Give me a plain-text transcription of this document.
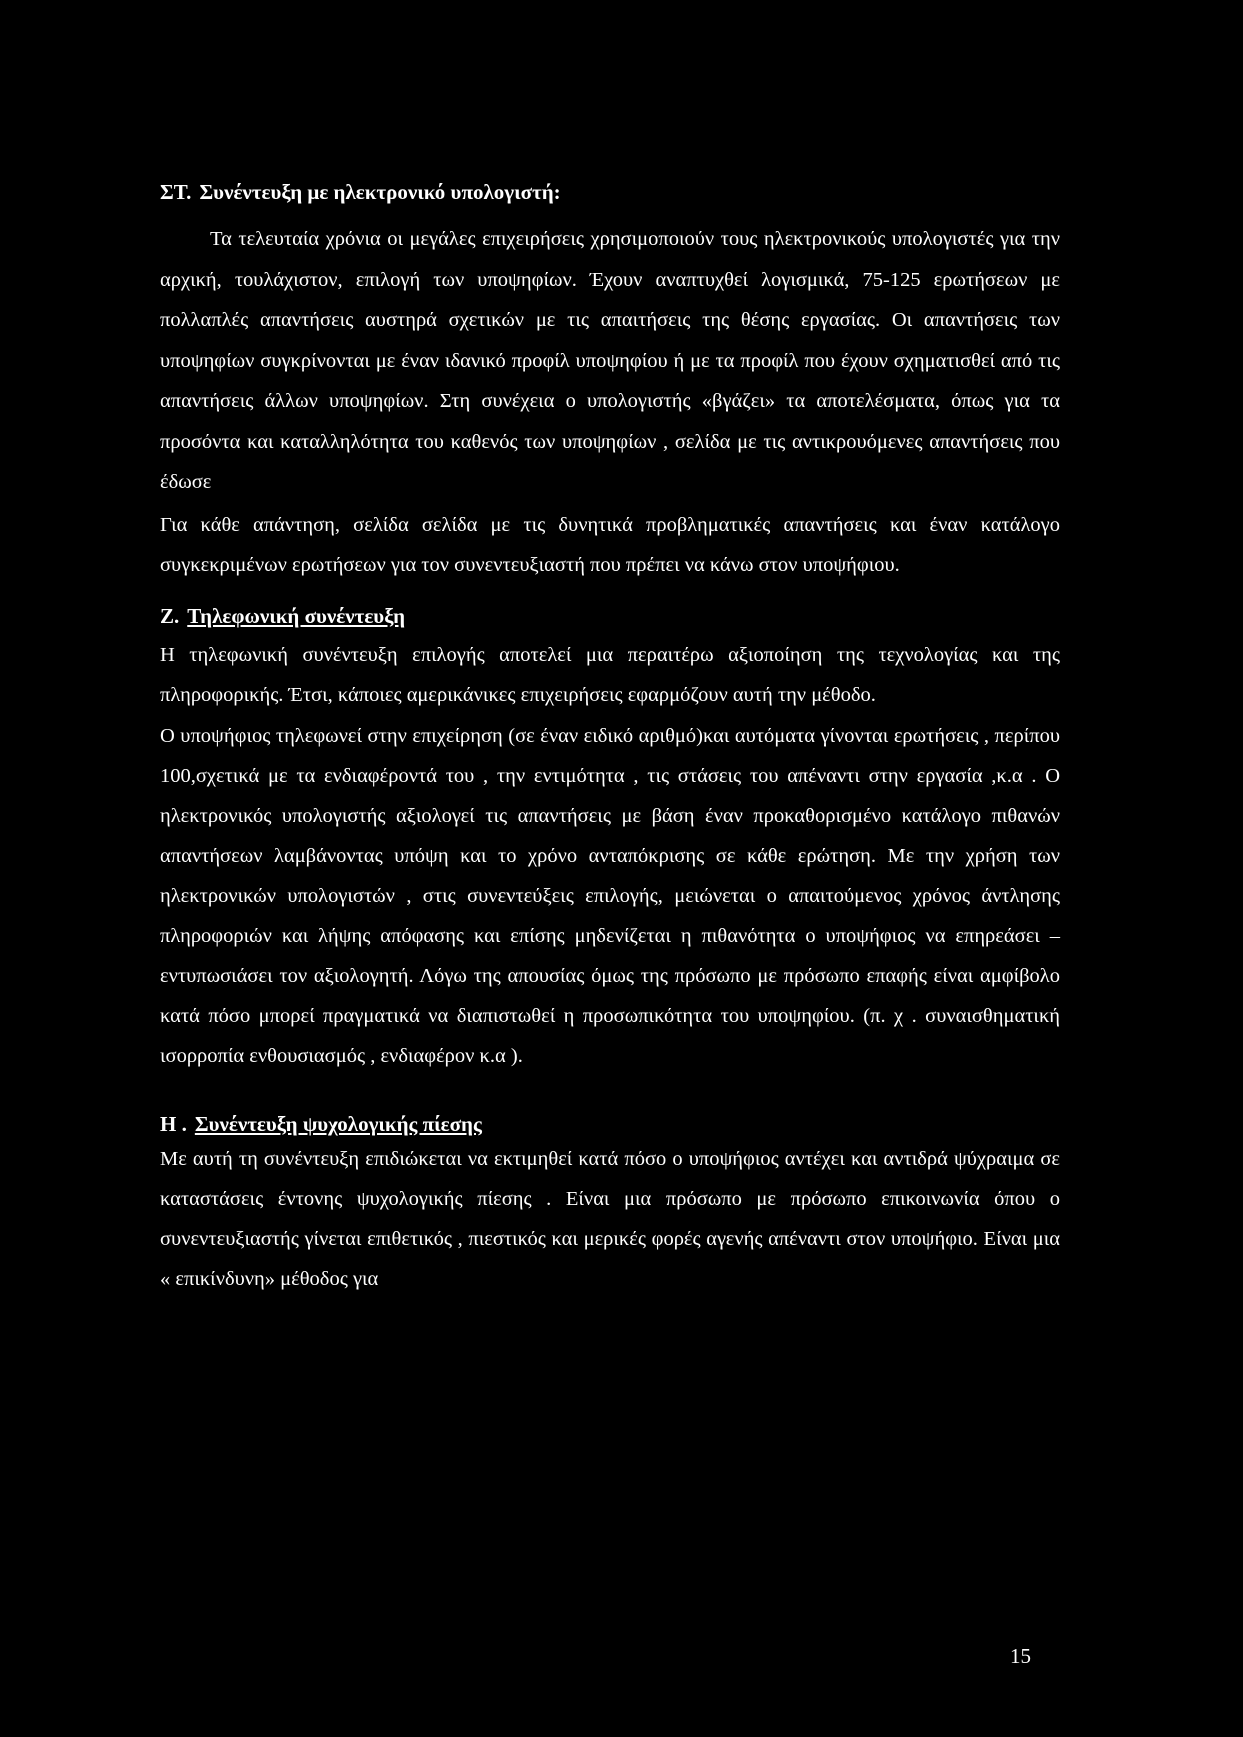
ΣΤ. Συνέντευξη με ηλεκτρονικό υπολογιστή:

Τα τελευταία χρόνια οι μεγάλες επιχειρήσεις χρησιμοποιούν τους ηλεκτρονικούς υπολογιστές για την αρχική, τουλάχιστον, επιλογή των υποψηφίων. Έχουν αναπτυχθεί λογισμικά, 75-125 ερωτήσεων με πολλαπλές απαντήσεις αυστηρά σχετικών με τις απαιτήσεις της θέσης εργασίας. Οι απαντήσεις των υποψηφίων συγκρίνονται με έναν ιδανικό προφίλ υποψηφίου ή με τα προφίλ που έχουν σχηματισθεί από τις απαντήσεις άλλων υποψηφίων. Στη συνέχεια ο υπολογιστής «βγάζει» τα αποτελέσματα, όπως για τα προσόντα και καταλληλότητα του καθενός των υποψηφίων , σελίδα με τις αντικρουόμενες απαντήσεις που έδωσε

Για κάθε απάντηση, σελίδα σελίδα με τις δυνητικά προβληματικές απαντήσεις και έναν κατάλογο συγκεκριμένων ερωτήσεων για τον συνεντευξιαστή που πρέπει να κάνω στον υποψήφιου.

Ζ. Τηλεφωνική συνέντευξη

Η τηλεφωνική συνέντευξη επιλογής αποτελεί μια περαιτέρω αξιοποίηση της τεχνολογίας και της πληροφορικής. Έτσι, κάποιες αμερικάνικες επιχειρήσεις εφαρμόζουν αυτή την μέθοδο.

Ο υποψήφιος τηλεφωνεί στην επιχείρηση (σε έναν ειδικό αριθμό)και αυτόματα γίνονται ερωτήσεις , περίπου 100,σχετικά με τα ενδιαφέροντά του , την εντιμότητα , τις στάσεις του απέναντι στην εργασία ,κ.α . Ο ηλεκτρονικός υπολογιστής αξιολογεί τις απαντήσεις με βάση έναν προκαθορισμένο κατάλογο πιθανών απαντήσεων λαμβάνοντας υπόψη και το χρόνο ανταπόκρισης σε κάθε ερώτηση. Με την χρήση των ηλεκτρονικών υπολογιστών , στις συνεντεύξεις επιλογής, μειώνεται ο απαιτούμενος χρόνος άντλησης πληροφοριών και λήψης απόφασης και επίσης μηδενίζεται η πιθανότητα ο υποψήφιος να επηρεάσει –εντυπωσιάσει τον αξιολογητή. Λόγω της απουσίας όμως της πρόσωπο με πρόσωπο επαφής είναι αμφίβολο κατά πόσο μπορεί πραγματικά να διαπιστωθεί η προσωπικότητα του υποψηφίου. (π. χ . συναισθηματική ισορροπία ενθουσιασμός , ενδιαφέρον κ.α ).

Η . Συνέντευξη ψυχολογικής πίεσης

Με αυτή τη συνέντευξη επιδιώκεται να εκτιμηθεί κατά πόσο ο υποψήφιος αντέχει και αντιδρά ψύχραιμα σε καταστάσεις έντονης ψυχολογικής πίεσης . Είναι μια πρόσωπο με πρόσωπο επικοινωνία όπου ο συνεντευξιαστής γίνεται επιθετικός , πιεστικός και μερικές φορές αγενής απέναντι στον υποψήφιο. Είναι μια « επικίνδυνη» μέθοδος για

15
